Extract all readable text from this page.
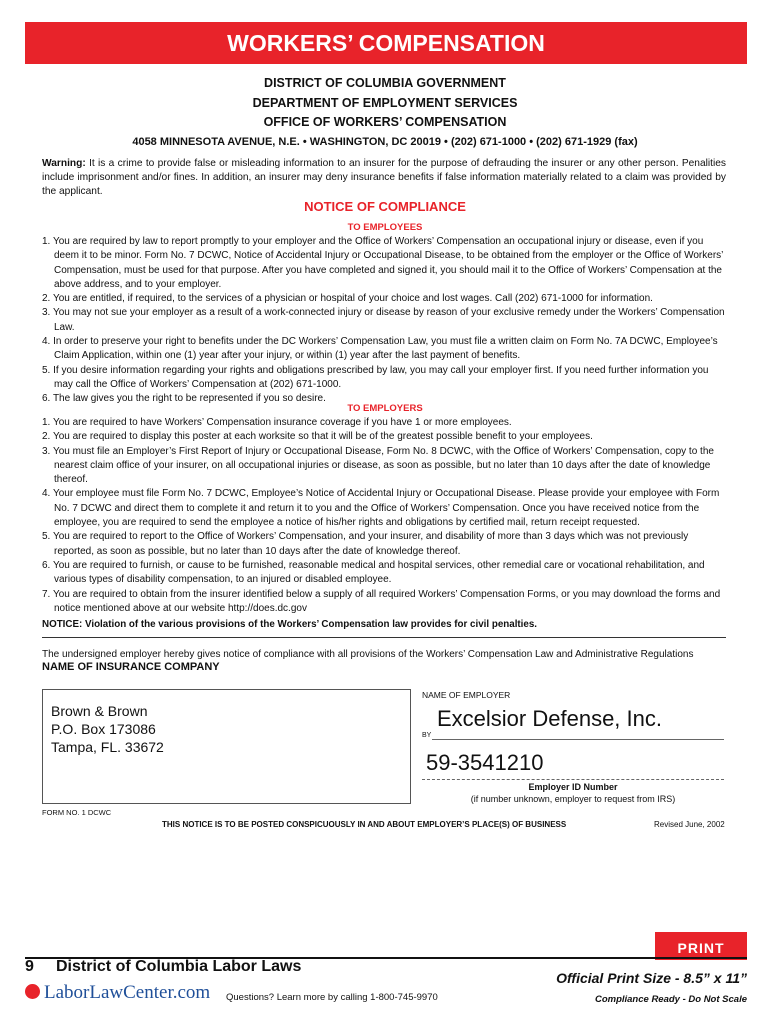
WORKERS’ COMPENSATION
DISTRICT OF COLUMBIA GOVERNMENT
DEPARTMENT OF EMPLOYMENT SERVICES
OFFICE OF WORKERS’ COMPENSATION
4058 MINNESOTA AVENUE, N.E. • WASHINGTON, DC 20019 • (202) 671-1000 • (202) 671-1929 (fax)
Warning: It is a crime to provide false or misleading information to an insurer for the purpose of defrauding the insurer or any other person. Penalities include imprisonment and/or fines. In addition, an insurer may deny insurance benefits if false information materially related to a claim was provided by the applicant.
NOTICE OF COMPLIANCE
TO EMPLOYEES
1. You are required by law to report promptly to your employer and the Office of Workers’ Compensation an occupational injury or disease, even if you deem it to be minor. Form No. 7 DCWC, Notice of Accidental Injury or Occupational Disease, to be obtained from the employer or the Office of Workers’ Compensation, must be used for that purpose. After you have completed and signed it, you should mail it to the Office of Workers’ Compensation at the above address, and to your employer.
2. You are entitled, if required, to the services of a physician or hospital of your choice and lost wages. Call (202) 671-1000 for information.
3. You may not sue your employer as a result of a work-connected injury or disease by reason of your exclusive remedy under the Workers’ Compensation Law.
4. In order to preserve your right to benefits under the DC Workers’ Compensation Law, you must file a written claim on Form No. 7A DCWC, Employee’s Claim Application, within one (1) year after your injury, or within (1) year after the last payment of benefits.
5. If you desire information regarding your rights and obligations prescribed by law, you may call your employer first. If you need further information you may call the Office of Workers’ Compensation at (202) 671-1000.
6. The law gives you the right to be represented if you so desire.
TO EMPLOYERS
1. You are required to have Workers’ Compensation insurance coverage if you have 1 or more employees.
2. You are required to display this poster at each worksite so that it will be of the greatest possible benefit to your employees.
3. You must file an Employer’s First Report of Injury or Occupational Disease, Form No. 8 DCWC, with the Office of Workers’ Compensation, copy to the nearest claim office of your insurer, on all occupational injuries or disease, as soon as possible, but no later than 10 days after the date of knowledge thereof.
4. Your employee must file Form No. 7 DCWC, Employee’s Notice of Accidental Injury or Occupational Disease. Please provide your employee with Form No. 7 DCWC and direct them to complete it and return it to you and the Office of Workers’ Compensation. Once you have received notice from the employee, you are required to send the employee a notice of his/her rights and obligations by certified mail, return receipt requested.
5. You are required to report to the Office of Workers’ Compensation, and your insurer, and disability of more than 3 days which was not previously reported, as soon as possible, but no later than 10 days after the date of knowledge thereof.
6. You are required to furnish, or cause to be furnished, reasonable medical and hospital services, other remedial care or vocational rehabilitation, and various types of disability compensation, to an injured or disabled employee.
7. You are required to obtain from the insurer identified below a supply of all required Workers’ Compensation Forms, or you may download the forms and notice mentioned above at our website http://does.dc.gov
NOTICE: Violation of the various provisions of the Workers’ Compensation law provides for civil penalties.
The undersigned employer hereby gives notice of compliance with all provisions of the Workers’ Compensation Law and Administrative Regulations
NAME OF INSURANCE COMPANY
Brown & Brown
P.O. Box 173086
Tampa, FL. 33672
NAME OF EMPLOYER
BY
Excelsior Defense, Inc.
59-3541210
Employer ID Number
(if number unknown, employer to request from IRS)
FORM NO. 1 DCWC
THIS NOTICE IS TO BE POSTED CONSPICUOUSLY IN AND ABOUT EMPLOYER’S PLACE(S) OF BUSINESS	Revised June, 2002
PRINT
9 District of Columbia Labor Laws
LaborLawCenter.com Questions? Learn more by calling 1-800-745-9970
Official Print Size - 8.5” x 11”
Compliance Ready - Do Not Scale
